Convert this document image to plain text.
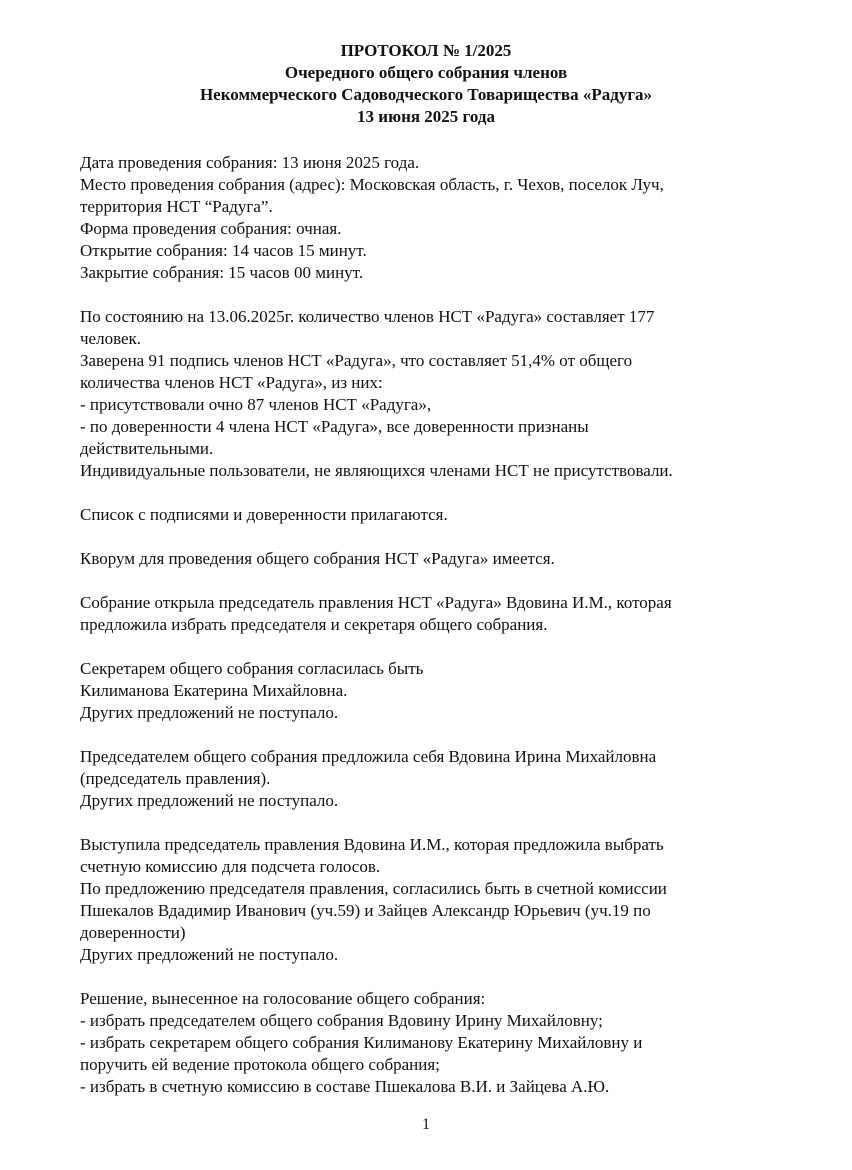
ПРОТОКОЛ № 1/2025
Очередного общего собрания членов
Некоммерческого Садоводческого Товарищества «Радуга»
13 июня 2025 года
Дата проведения собрания: 13 июня 2025 года.
Место проведения собрания (адрес): Московская область, г. Чехов, поселок Луч,
территория НСТ “Радуга”.
Форма проведения собрания: очная.
Открытие собрания: 14 часов 15 минут.
Закрытие собрания: 15 часов 00 минут.
По состоянию на 13.06.2025г. количество членов НСТ «Радуга» составляет 177
человек.
Заверена 91 подпись членов НСТ «Радуга», что составляет 51,4% от общего
количества членов НСТ «Радуга», из них:
- присутствовали очно 87 членов НСТ «Радуга»,
- по доверенности 4 члена НСТ «Радуга», все доверенности признаны
действительными.
Индивидуальные пользователи, не являющихся членами НСТ не присутствовали.
Список с подписями и доверенности прилагаются.
Кворум для проведения общего собрания НСТ «Радуга» имеется.
Собрание открыла председатель правления НСТ «Радуга» Вдовина И.М., которая
предложила избрать председателя и секретаря общего собрания.
Секретарем общего собрания согласилась быть
Килиманова Екатерина Михайловна.
Других предложений не поступало.
Председателем общего собрания предложила себя Вдовина Ирина Михайловна
(председатель правления).
Других предложений не поступало.
Выступила председатель правления Вдовина И.М., которая предложила выбрать
счетную комиссию для подсчета голосов.
По предложению председателя правления, согласились быть в счетной комиссии
Пшекалов Вдадимир Иванович (уч.59) и Зайцев Александр Юрьевич (уч.19 по
доверенности)
Других предложений не поступало.
Решение, вынесенное на голосование общего собрания:
- избрать председателем общего собрания Вдовину Ирину Михайловну;
- избрать секретарем общего собрания Килиманову Екатерину Михайловну и
поручить ей ведение протокола общего собрания;
- избрать в счетную комиссию в составе Пшекалова В.И. и Зайцева А.Ю.
1
